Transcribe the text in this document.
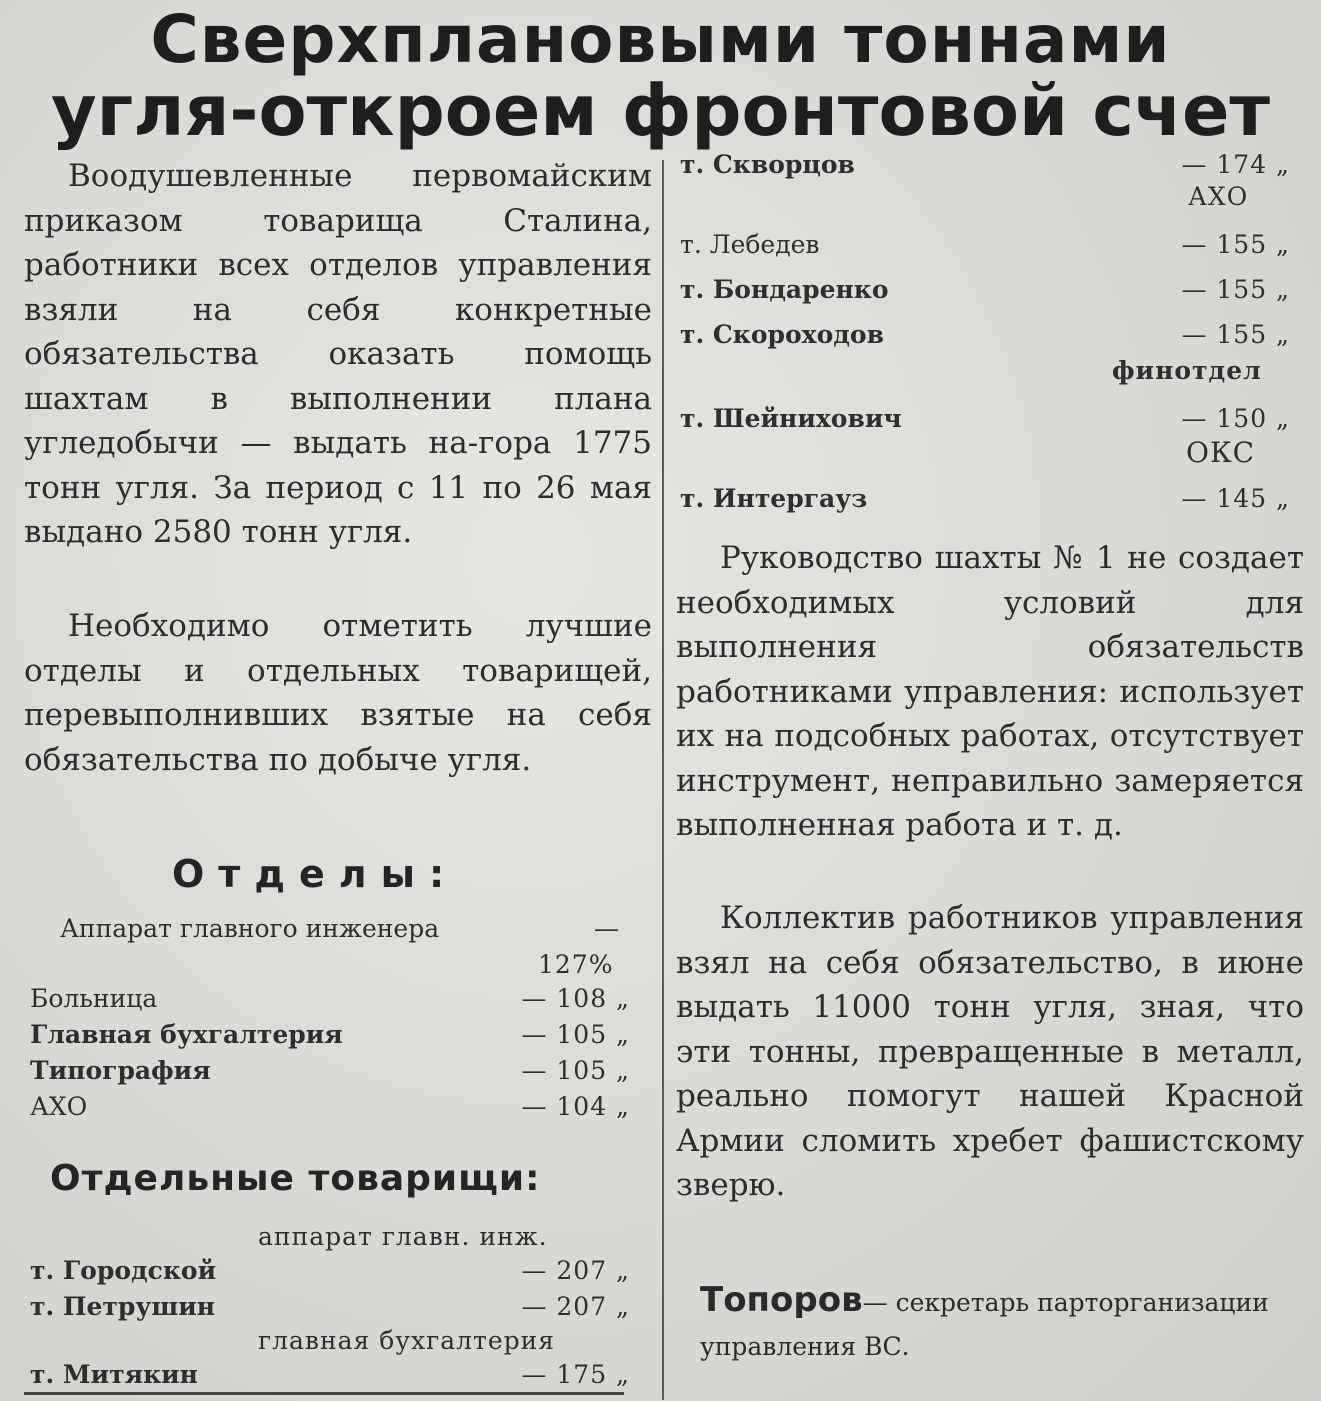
Сверхплановыми тоннами
угля-откроем фронтовой счет

Воодушевленные первомайским приказом товарища Сталина, работники всех отделов управления взяли на себя конкретные обязательства оказать помощь шахтам в выполнении плана угледобычи — выдать на-гора 1775 тонн угля. За период с 11 по 26 мая выдано 2580 тонн угля.

Необходимо отметить лучшие отделы и отдельных товарищей, перевыполнивших взятые на себя обязательства по добыче угля.

Отделы:
Аппарат главного инженера	—
127%
Больница	— 108 „
Главная бухгалтерия	— 105 „
Типография	— 105 „
АХО	— 104 „
Отдельные товарищи:
аппарат главн. инж.
т. Городской	— 207 „
т. Петрушин	— 207 „
главная бухгалтерия
т. Митякин	— 175 „
т. Скворцов	— 174 „
АХО
т. Лебедев	— 155 „
т. Бондаренко	— 155 „
т. Скороходов	— 155 „
финотдел
т. Шейнихович	— 150 „
ОКС
т. Интергауз	— 145 „

Руководство шахты № 1 не создает необходимых условий для выполнения обязательств работниками управления: использует их на подсобных работах, отсутствует инструмент, неправильно замеряется выполненная работа и т. д.

Коллектив работников управления взял на себя обязательство, в июне выдать 11000 тонн угля, зная, что эти тонны, превращенные в металл, реально помогут нашей Красной Армии сломить хребет фашистскому зверю.

Топоров— секретарь парторганизации управления ВС.
